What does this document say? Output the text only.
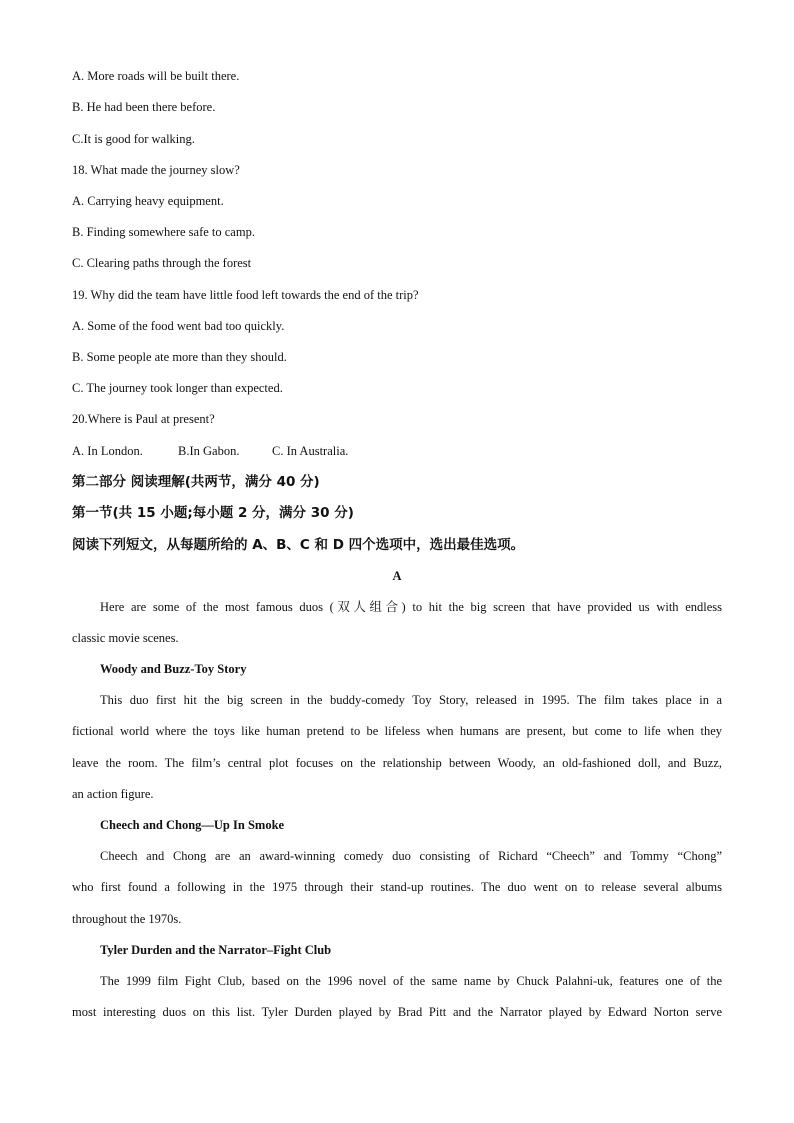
A. More roads will be built there.
B. He had been there before.
C.It is good for walking.
18. What made the journey slow?
A. Carrying heavy equipment.
B. Finding somewhere safe to camp.
C. Clearing paths through the forest
19. Why did the team have little food left towards the end of the trip?
A. Some of the food went bad too quickly.
B. Some people ate more than they should.
C. The journey took longer than expected.
20.Where is Paul at present?
A. In London.	B.In Gabon.	C. In Australia.
第二部分 阅读理解(共两节，满分 40 分)
第一节(共 15 小题;每小题 2 分，满分 30 分)
阅读下列短文，从每题所给的 A、B、C 和 D 四个选项中，选出最佳选项。
A
Here are some of the most famous duos (双人组合) to hit the big screen that have provided us with endless
classic movie scenes.
Woody and Buzz-Toy Story
This duo first hit the big screen in the buddy-comedy Toy Story, released in 1995. The film takes place in a
fictional world where the toys like human pretend to be lifeless when humans are present, but come to life when they
leave the room. The film’s central plot focuses on the relationship between Woody, an old-fashioned doll, and Buzz,
an action figure.
Cheech and Chong—Up In Smoke
Cheech and Chong are an award-winning comedy duo consisting of Richard “Cheech” and Tommy “Chong”
who first found a following in the 1975 through their stand-up routines. The duo went on to release several albums
throughout the 1970s.
Tyler Durden and the Narrator–Fight Club
The 1999 film Fight Club, based on the 1996 novel of the same name by Chuck Palahni-uk, features one of the
most interesting duos on this list. Tyler Durden played by Brad Pitt and the Narrator played by Edward Norton serve
